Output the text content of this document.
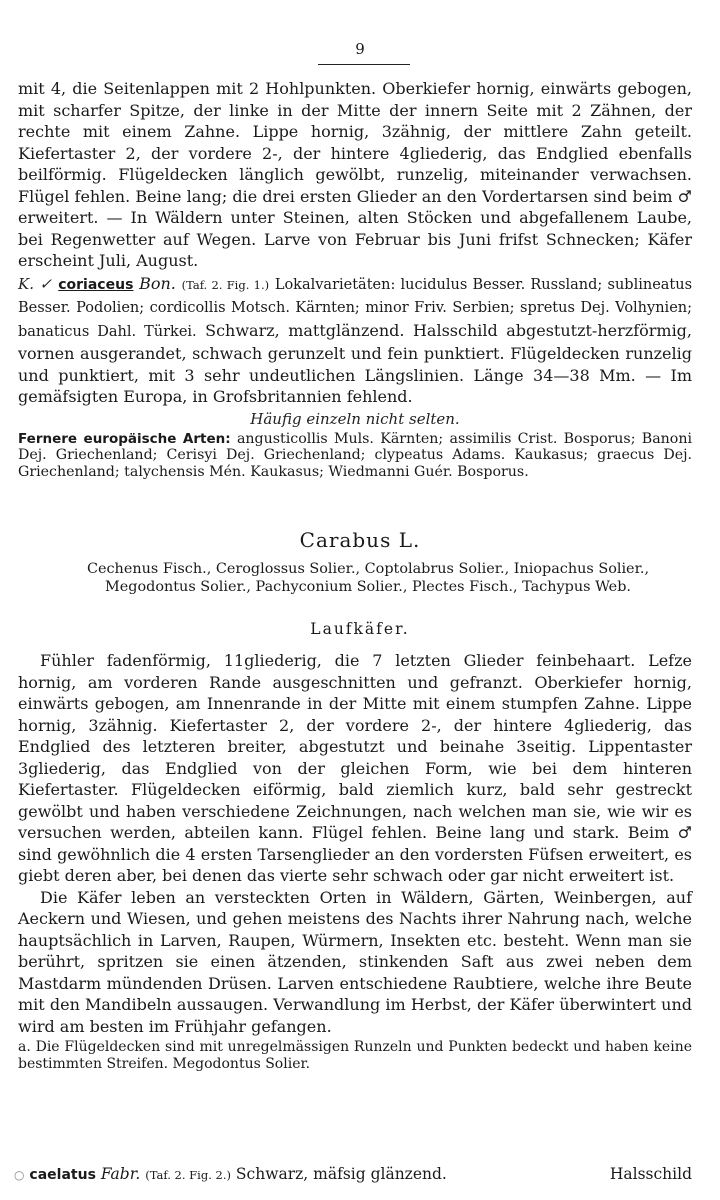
9

mit 4, die Seitenlappen mit 2 Hohlpunkten. Oberkiefer hornig, einwärts gebogen, mit scharfer Spitze, der linke in der Mitte der innern Seite mit 2 Zähnen, der rechte mit einem Zahne. Lippe hornig, 3zähnig, der mittlere Zahn geteilt. Kiefertaster 2, der vordere 2-, der hintere 4gliederig, das Endglied ebenfalls beilförmig. Flügeldecken länglich gewölbt, runzelig, miteinander verwachsen. Flügel fehlen. Beine lang; die drei ersten Glieder an den Vordertarsen sind beim ♂ erweitert. — In Wäldern unter Steinen, alten Stöcken und abgefallenem Laube, bei Regenwetter auf Wegen. Larve von Februar bis Juni frifst Schnecken; Käfer erscheint Juli, August.

K. ✓ coriaceus Bon. (Taf. 2. Fig. 1.) Lokalvarietäten: lucidulus Besser. Russland; sublineatus Besser. Podolien; cordicollis Motsch. Kärnten; minor Friv. Serbien; spretus Dej. Volhynien; banaticus Dahl. Türkei. Schwarz, mattglänzend. Halsschild abgestutzt-herzförmig, vornen ausgerandet, schwach gerunzelt und fein punktiert. Flügeldecken runzelig und punktiert, mit 3 sehr undeutlichen Längslinien. Länge 34—38 Mm. — Im gemäfsigten Europa, in Grofsbritannien fehlend.

Häufig einzeln nicht selten.

Fernere europäische Arten: angusticollis Muls. Kärnten; assimilis Crist. Bosporus; Banoni Dej. Griechenland; Cerisyi Dej. Griechenland; clypeatus Adams. Kaukasus; graecus Dej. Griechenland; talychensis Mén. Kaukasus; Wiedmanni Guér. Bosporus.

Carabus L.
Cechenus Fisch., Ceroglossus Solier., Coptolabrus Solier., Iniopachus Solier., Megodontus Solier., Pachyconium Solier., Plectes Fisch., Tachypus Web.
Laufkäfer.

Fühler fadenförmig, 11gliederig, die 7 letzten Glieder feinbehaart. Lefze hornig, am vorderen Rande ausgeschnitten und gefranzt. Oberkiefer hornig, einwärts gebogen, am Innenrande in der Mitte mit einem stumpfen Zahne. Lippe hornig, 3zähnig. Kiefertaster 2, der vordere 2-, der hintere 4gliederig, das Endglied des letzteren breiter, abgestutzt und beinahe 3seitig. Lippentaster 3gliederig, das Endglied von der gleichen Form, wie bei dem hinteren Kiefertaster. Flügeldecken eiförmig, bald ziemlich kurz, bald sehr gestreckt gewölbt und haben verschiedene Zeichnungen, nach welchen man sie, wie wir es versuchen werden, abteilen kann. Flügel fehlen. Beine lang und stark. Beim ♂ sind gewöhnlich die 4 ersten Tarsenglieder an den vordersten Füfsen erweitert, es giebt deren aber, bei denen das vierte sehr schwach oder gar nicht erweitert ist.

Die Käfer leben an versteckten Orten in Wäldern, Gärten, Weinbergen, auf Aeckern und Wiesen, und gehen meistens des Nachts ihrer Nahrung nach, welche hauptsächlich in Larven, Raupen, Würmern, Insekten etc. besteht. Wenn man sie berührt, spritzen sie einen ätzenden, stinkenden Saft aus zwei neben dem Mastdarm mündenden Drüsen. Larven entschiedene Raubtiere, welche ihre Beute mit den Mandibeln aussaugen. Verwandlung im Herbst, der Käfer überwintert und wird am besten im Frühjahr gefangen.

a. Die Flügeldecken sind mit unregelmässigen Runzeln und Punkten bedeckt und haben keine bestimmten Streifen. Megodontus Solier.

○ caelatus Fabr. (Taf. 2. Fig. 2.) Schwarz, mäfsig glänzend.	Halsschild
